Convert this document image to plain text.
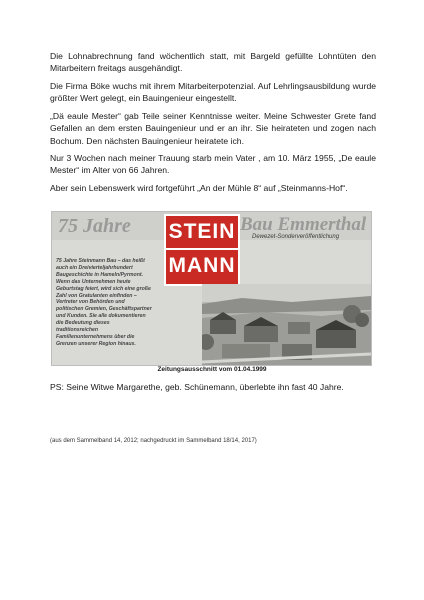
Die Lohnabrechnung fand wöchentlich statt, mit Bargeld gefüllte Lohntüten den Mitarbeitern freitags ausgehändigt.

Die Firma Böke wuchs mit ihrem Mitarbeiterpotenzial. Auf Lehrlingsausbildung wurde größter Wert gelegt, ein Bauingenieur eingestellt.

„Dä eaule Mester“ gab Teile seiner Kenntnisse weiter. Meine Schwester Grete fand Gefallen an dem ersten Bauingenieur und er an ihr. Sie heirateten und zogen nach Bochum. Den nächsten Bauingenieur heiratete ich.

Nur 3 Wochen nach meiner Trauung starb mein Vater , am 10. März 1955, „De eaule Mester“ im Alter von 66 Jahren.

Aber sein Lebenswerk wird fortgeführt „An der Mühle 8“ auf „Steinmanns-Hof“.

75 Jahre STEIN
MANN
Bau Emmerthal
Dewezet-Sonderveröffentlichung

75 Jahre Steinmann Bau – das heißt auch ein Dreivierteljahrhundert Baugeschichte in Hameln/Pyrmont. Wenn das Unternehmen heute Geburtstag feiert, wird sich eine große Zahl von Gratulanten einfinden – Vertreter von Behörden und politischen Gremien, Geschäftspartner und Kunden. Sie alle dokumentieren die Bedeutung dieses traditionsreichen Familienunternehmens über die Grenzen unserer Region hinaus.

Zeitungsausschnitt vom 01.04.1999

PS: Seine Witwe Margarethe, geb. Schünemann, überlebte ihn fast 40 Jahre.

(aus dem Sammelband 14, 2012; nachgedruckt im Sammelband 18/14, 2017)
